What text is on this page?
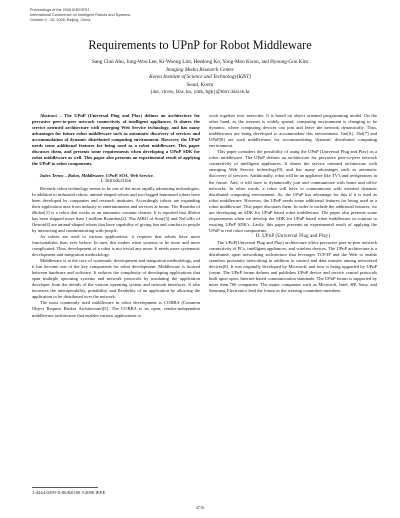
Proceedings of the 2006 IEEE/RSJ
International Conference on Intelligent Robots and Systems
October 9 - 15, 2006, Beijing, China
Requirements to UPnP for Robot Middleware
Sang Chul Ahn, Jung-Woo Lee, Ki-Woong Lim, Heedong Ko, Yong-Moo Kwon, and Hyoung-Gon Kim
Imaging Media Research Center
Korea Institute of Science and Technology(KIST)
Seoul, Korea
{asc, ricow, lkw, ko, ymk, hgk}@imrc.kist.re.kr

Abstract – The UPnP (Universal Plug and Play) defines an architecture for pervasive peer-to-peer network connectivity of intelligent appliances. It shares the service oriented architecture with emerging Web Service technology, and has many advantages for future robot middleware such as automatic discovery of services and accommodation of dynamic distributed computing environment. However, the UPnP needs some additional features for being used as a robot middleware. This paper discusses them, and presents some requirements when developing a UPnP SDK for robot middleware as well. This paper also presents an experimental result of applying the UPnP to robot components.

Index Terms – Robot, Middleware, UPnP, SOA, Web Service.

I. Introduction

Recently robot technology seems to be one of the most rapidly advancing technologies. In addition to industrial robots, animal-shaped robots and two-legged humanoid robots have been developed by companies and research institutes. Accordingly robots are expanding their application area from industry to entertainments and services at home. The Roomba of iRobot[1] is a robot that works as an automatic vacuum cleaner. It is reported that iRobot has been shipped more than 1 million Roombas[2]. The AIBO of Sony[3] and NeCoRo of Omron[4] are animal-shaped robots that have capability of giving fun and comfort to people by interacting and communicating with people.

As robots are used to various applications, it requires that robots have more functionalities than ever before. In turn, this makes robot systems to be more and more complicated. Thus, development of a robot is not trivial any more. It needs more systematic development and integration methodology.

Middleware is at the core of systematic development and integration methodology, and it has become one of the key components for robot development. Middleware is located between hardware and software. It reduces the complexity of developing applications that span multiple operating systems and network protocols by insulating the application developer from the details of the various operating system and network interfaces. It also increases the interoperability, portability, and flexibility of an application by allowing the application to be distributed over the network.

The most commonly used middleware in robot development is CORBA (Common Object Request Broker Architecture)[5]. The CORBA is an open, vendor-independent middleware architecture that enables various applications to

work together over networks. It is based on object oriented programming model. On the other hand, as the internet is widely spread, computing environment is changing to be dynamic, where computing devices can join and leave the network dynamically. Thus, middlewares are being developed to accommodate this environment. Jini[6], .Net[7] and UPnP[8] are such middlewares for accommodating 'dynamic' distributed computing environment.

This paper considers the possibility of using the UPnP (Universal Plug and Play) as a robot middleware. The UPnP defines an architecture for pervasive peer-to-peer network connectivity of intelligent appliances. It shares the service oriented architecture with emerging Web Service technology[9], and has many advantages such as automatic discovery of services. Additionally, robot will be an appliance like TV's and refrigerators in the future. And, it will have to dynamically join and communicate with home and office networks. In other words, a robot will have to communicate with external dynamic distributed computing environment. So, the UPnP has advantage for this if it is used as robot middleware. However, the UPnP needs some additional features for being used as a robot middleware. This paper discusses them. In order to include the additional features, we are developing an SDK for UPnP based robot middleware. The paper also presents some requirements when we develop the SDK for UPnP based robot middleware in contrast to existing UPnP SDK's. Lastly, this paper presents an experimental result of applying the UPnP to real robot components.

II. UPnP (Universal Plug and Play)

The UPnP(Universal Plug and Play) architecture offers pervasive peer-to-peer network connectivity of PCs, intelligent appliances, and wireless devices. The UPnP architecture is a distributed, open networking architecture that leverages TCP/IP and the Web to enable seamless proximity networking in addition to control and data transfer among networked devices[8]. It was originally developed by Microsoft, and now is being upgraded by UPnP forum. The UPnP forum defines and publishes UPnP device and service control protocols built upon open, Internet-based communication standards. The UPnP forum is supported by more than 760 companies. The major companies such as Microsoft, Intel, HP, Sony, and Samsung Electronics lead the forum as the steering committee members.

1-4244-0259-X/06/$20.00 ©2006 IEEE
4716
